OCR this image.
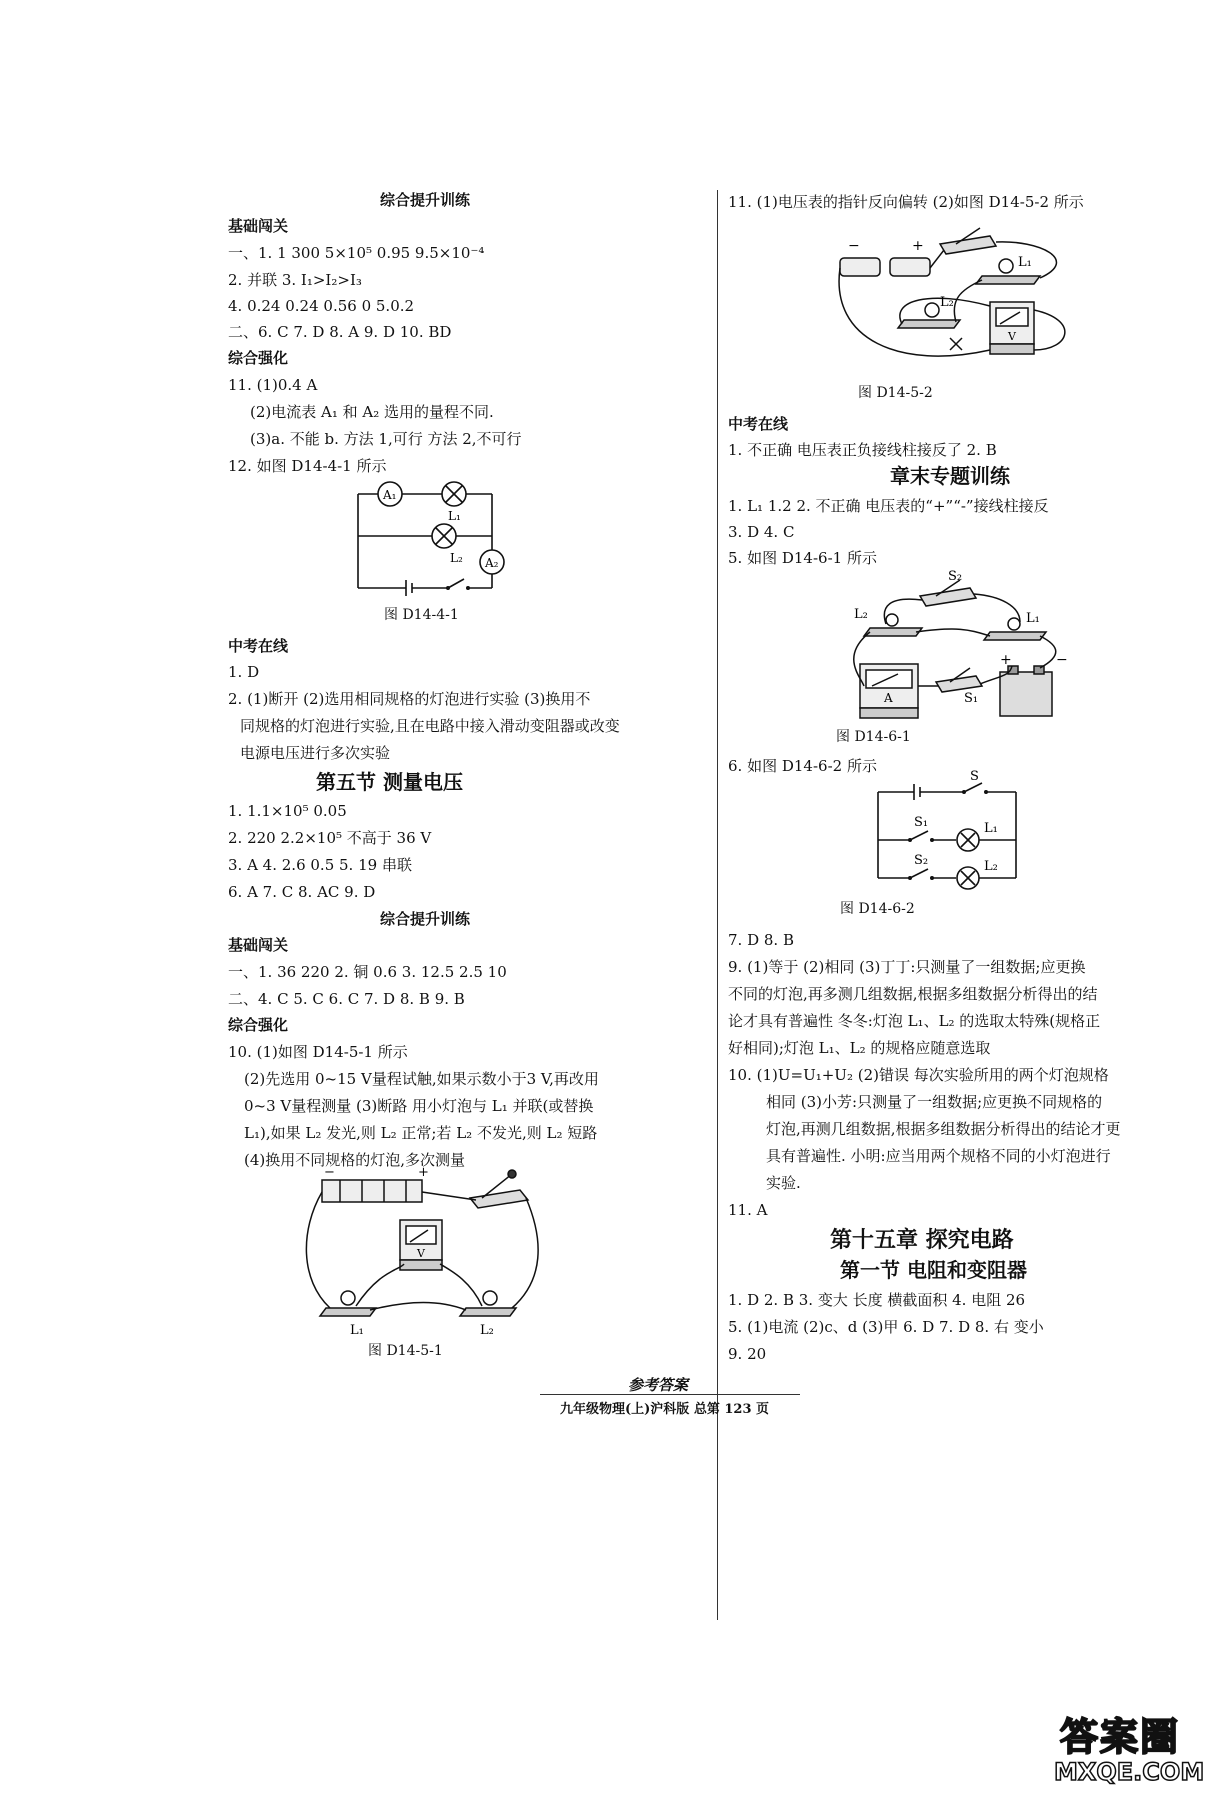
综合提升训练
基础闯关
一、1. 1 300 5×10⁵ 0.95 9.5×10⁻⁴
2. 并联 3. I₁>I₂>I₃
4. 0.24 0.24 0.56 0 5.0.2
二、6. C 7. D 8. A 9. D 10. BD
综合强化
11. (1)0.4 A
(2)电流表 A₁ 和 A₂ 选用的量程不同.
(3)a. 不能 b. 方法 1,可行 方法 2,不可行
12. 如图 D14-4-1 所示
A₁
L₁
L₂ A₂
图 D14-4-1
中考在线
1. D
2. (1)断开 (2)选用相同规格的灯泡进行实验 (3)换用不
同规格的灯泡进行实验,且在电路中接入滑动变阻器或改变
电源电压进行多次实验
第五节 测量电压
1. 1.1×10⁵ 0.05
2. 220 2.2×10⁵ 不高于 36 V
3. A 4. 2.6 0.5 5. 19 串联
6. A 7. C 8. AC 9. D
综合提升训练
基础闯关
一、1. 36 220 2. 铜 0.6 3. 12.5 2.5 10
二、4. C 5. C 6. C 7. D 8. B 9. B
综合强化
10. (1)如图 D14-5-1 所示
(2)先选用 0~15 V量程试触,如果示数小于3 V,再改用
0~3 V量程测量 (3)断路 用小灯泡与 L₁ 并联(或替换
L₁),如果 L₂ 发光,则 L₂ 正常;若 L₂ 不发光,则 L₂ 短路
(4)换用不同规格的灯泡,多次测量
−	+
V
L₁	L₂
图 D14-5-1
11. (1)电压表的指针反向偏转 (2)如图 D14-5-2 所示
−	+
L₁
L₂
V
图 D14-5-2
中考在线
1. 不正确 电压表正负接线柱接反了 2. B
章末专题训练
1. L₁ 1.2 2. 不正确 电压表的“+”“-”接线柱接反
3. D 4. C
5. 如图 D14-6-1 所示
S₂
L₂	L₁
S₁
A
+	−
图 D14-6-1
6. 如图 D14-6-2 所示
S
S₁
S₂
L₁
L₂
图 D14-6-2
7. D 8. B
9. (1)等于 (2)相同 (3)丁丁:只测量了一组数据;应更换
不同的灯泡,再多测几组数据,根据多组数据分析得出的结
论才具有普遍性 冬冬:灯泡 L₁、L₂ 的选取太特殊(规格正
好相同);灯泡 L₁、L₂ 的规格应随意选取
10. (1)U=U₁+U₂ (2)错误 每次实验所用的两个灯泡规格
相同 (3)小芳:只测量了一组数据;应更换不同规格的
灯泡,再测几组数据,根据多组数据分析得出的结论才更
具有普遍性. 小明:应当用两个规格不同的小灯泡进行
实验.
11. A
第十五章 探究电路
第一节 电阻和变阻器
1. D 2. B 3. 变大 长度 横截面积 4. 电阻 26
5. (1)电流 (2)c、d (3)甲 6. D 7. D 8. 右 变小
9. 20
参考答案
九年级物理(上)沪科版 总第 123 页
答案圈
MXQE.COM
